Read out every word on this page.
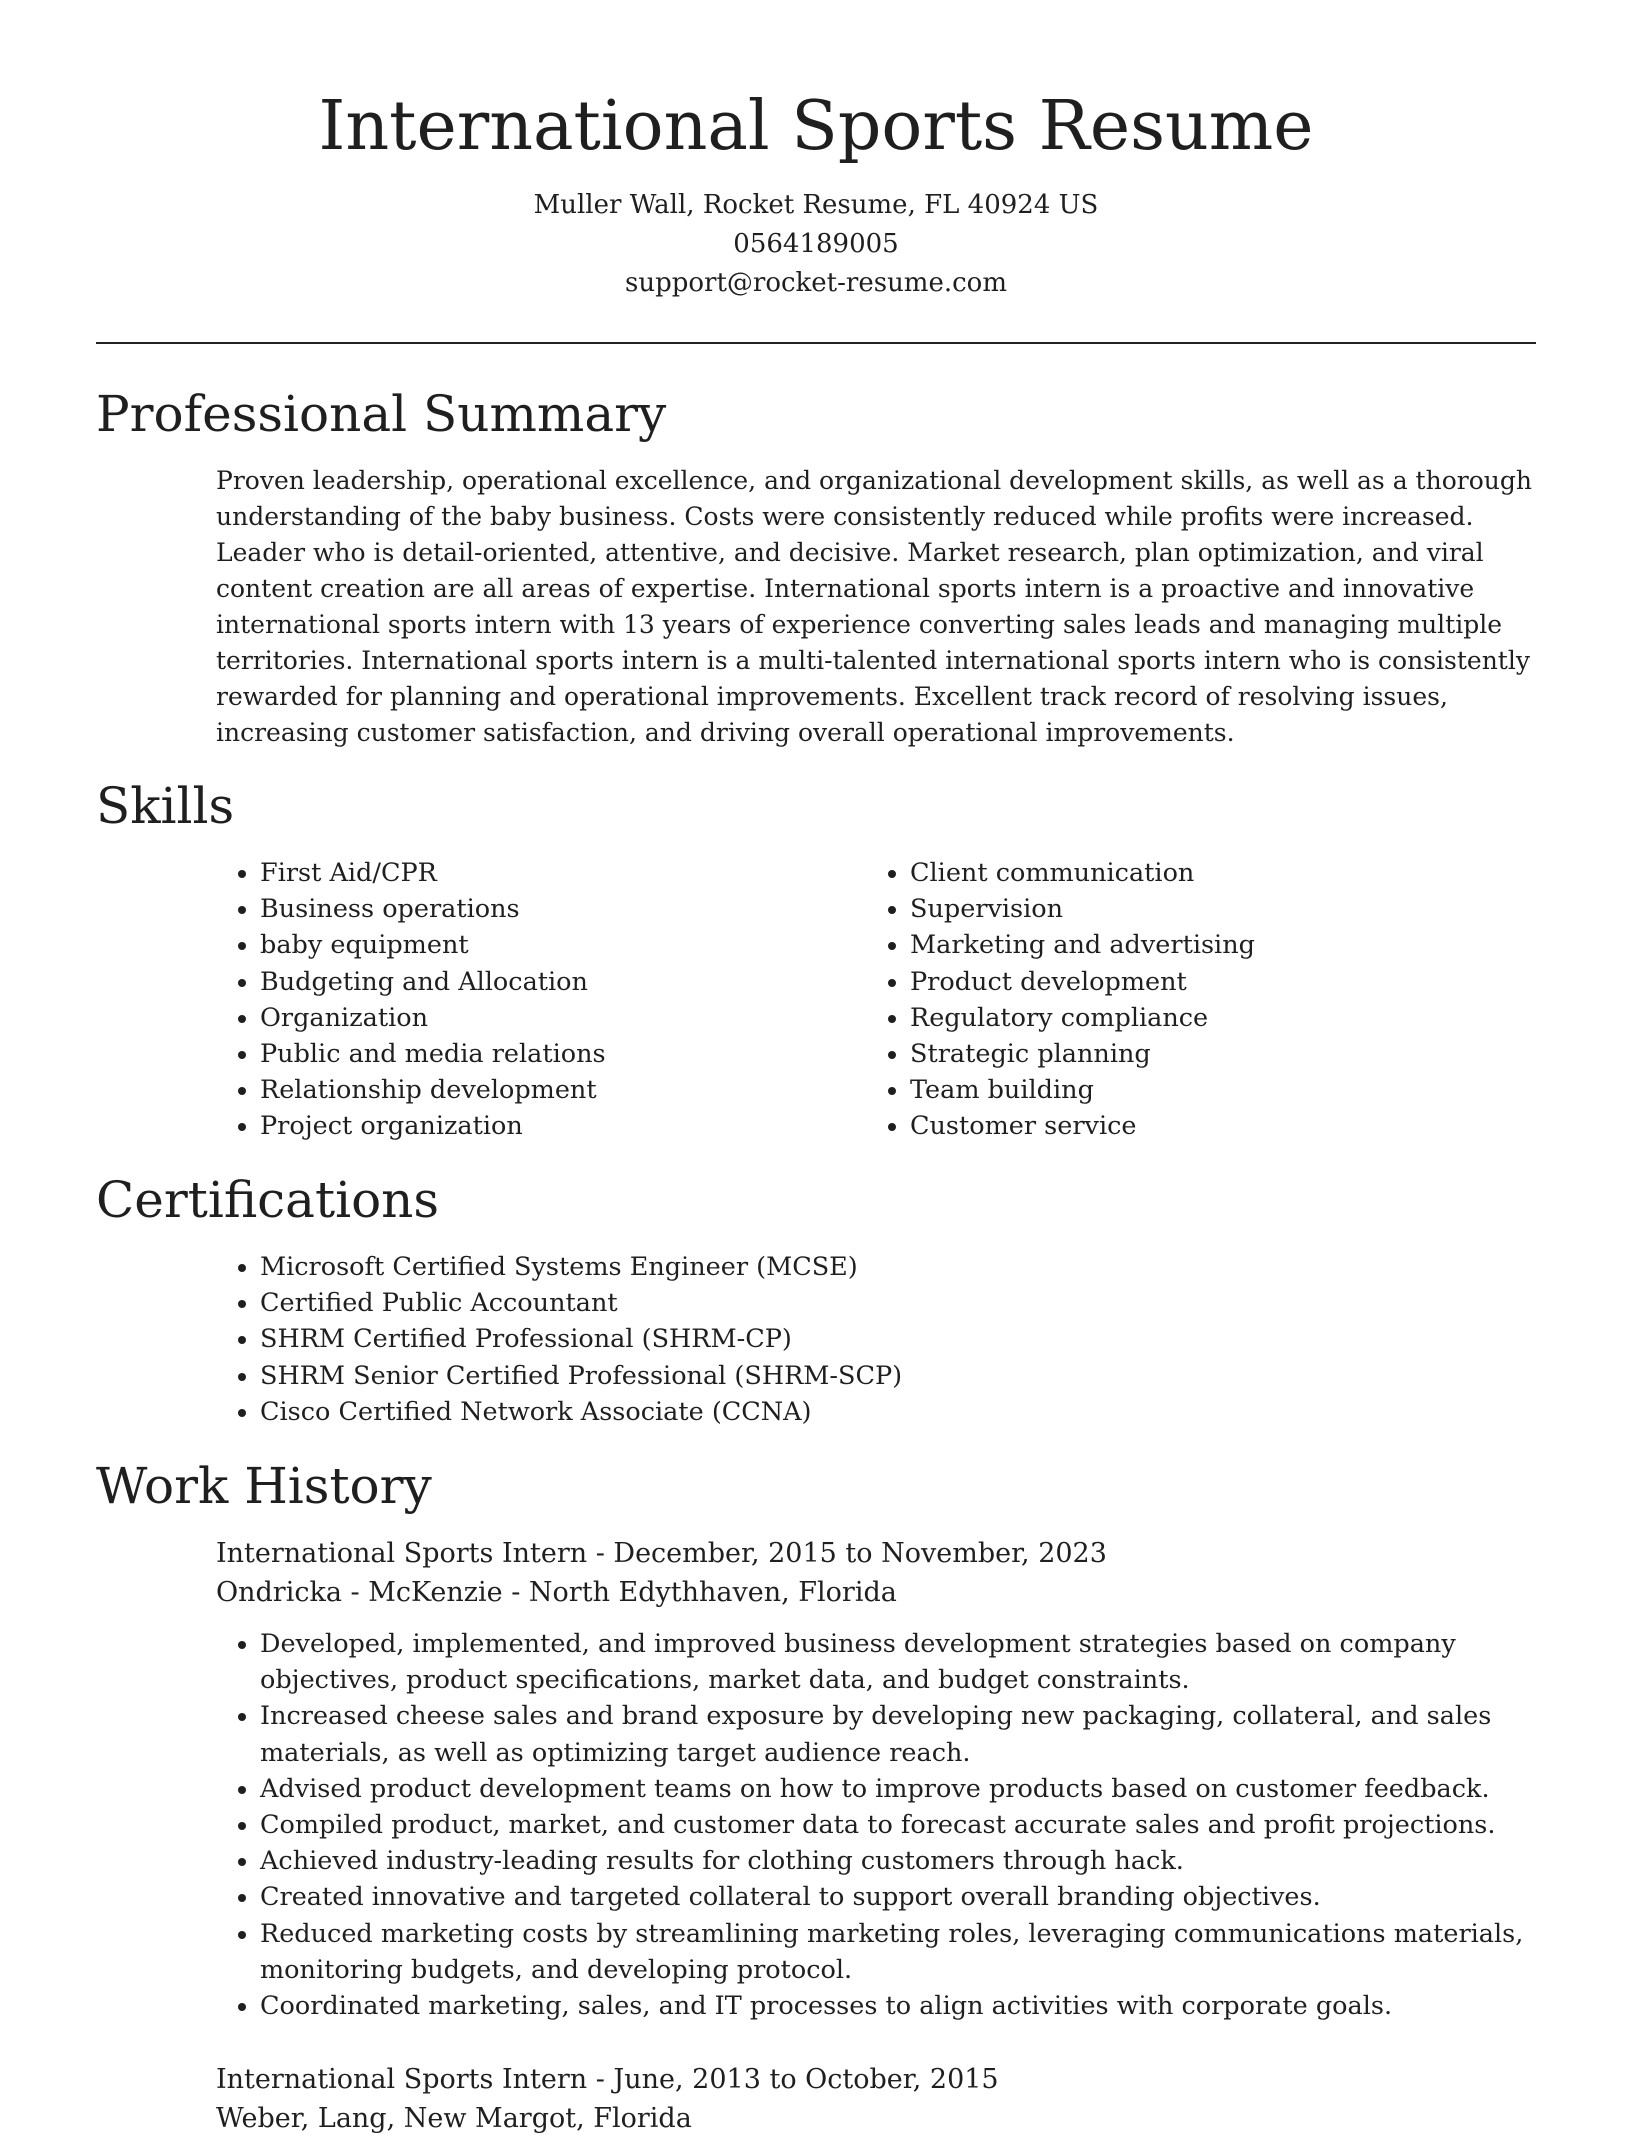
International Sports Resume
Muller Wall, Rocket Resume, FL 40924 US
0564189005
support@rocket-resume.com
Professional Summary

Proven leadership, operational excellence, and organizational development skills, as well as a thorough understanding of the baby business. Costs were consistently reduced while profits were increased. Leader who is detail-oriented, attentive, and decisive. Market research, plan optimization, and viral content creation are all areas of expertise. International sports intern is a proactive and innovative international sports intern with 13 years of experience converting sales leads and managing multiple territories. International sports intern is a multi-talented international sports intern who is consistently rewarded for planning and operational improvements. Excellent track record of resolving issues, increasing customer satisfaction, and driving overall operational improvements.

Skills
• First Aid/CPR
• Business operations
• baby equipment
• Budgeting and Allocation
• Organization
• Public and media relations
• Relationship development
• Project organization
• Client communication
• Supervision
• Marketing and advertising
• Product development
• Regulatory compliance
• Strategic planning
• Team building
• Customer service
Certifications
• Microsoft Certified Systems Engineer (MCSE)
• Certified Public Accountant
• SHRM Certified Professional (SHRM-CP)
• SHRM Senior Certified Professional (SHRM-SCP)
• Cisco Certified Network Associate (CCNA)
Work History
International Sports Intern - December, 2015 to November, 2023
Ondricka - McKenzie - North Edythhaven, Florida
• Developed, implemented, and improved business development strategies based on company objectives, product specifications, market data, and budget constraints.
• Increased cheese sales and brand exposure by developing new packaging, collateral, and sales materials, as well as optimizing target audience reach.
• Advised product development teams on how to improve products based on customer feedback.
• Compiled product, market, and customer data to forecast accurate sales and profit projections.
• Achieved industry-leading results for clothing customers through hack.
• Created innovative and targeted collateral to support overall branding objectives.
• Reduced marketing costs by streamlining marketing roles, leveraging communications materials, monitoring budgets, and developing protocol.
• Coordinated marketing, sales, and IT processes to align activities with corporate goals.
International Sports Intern - June, 2013 to October, 2015
Weber, Lang, New Margot, Florida
